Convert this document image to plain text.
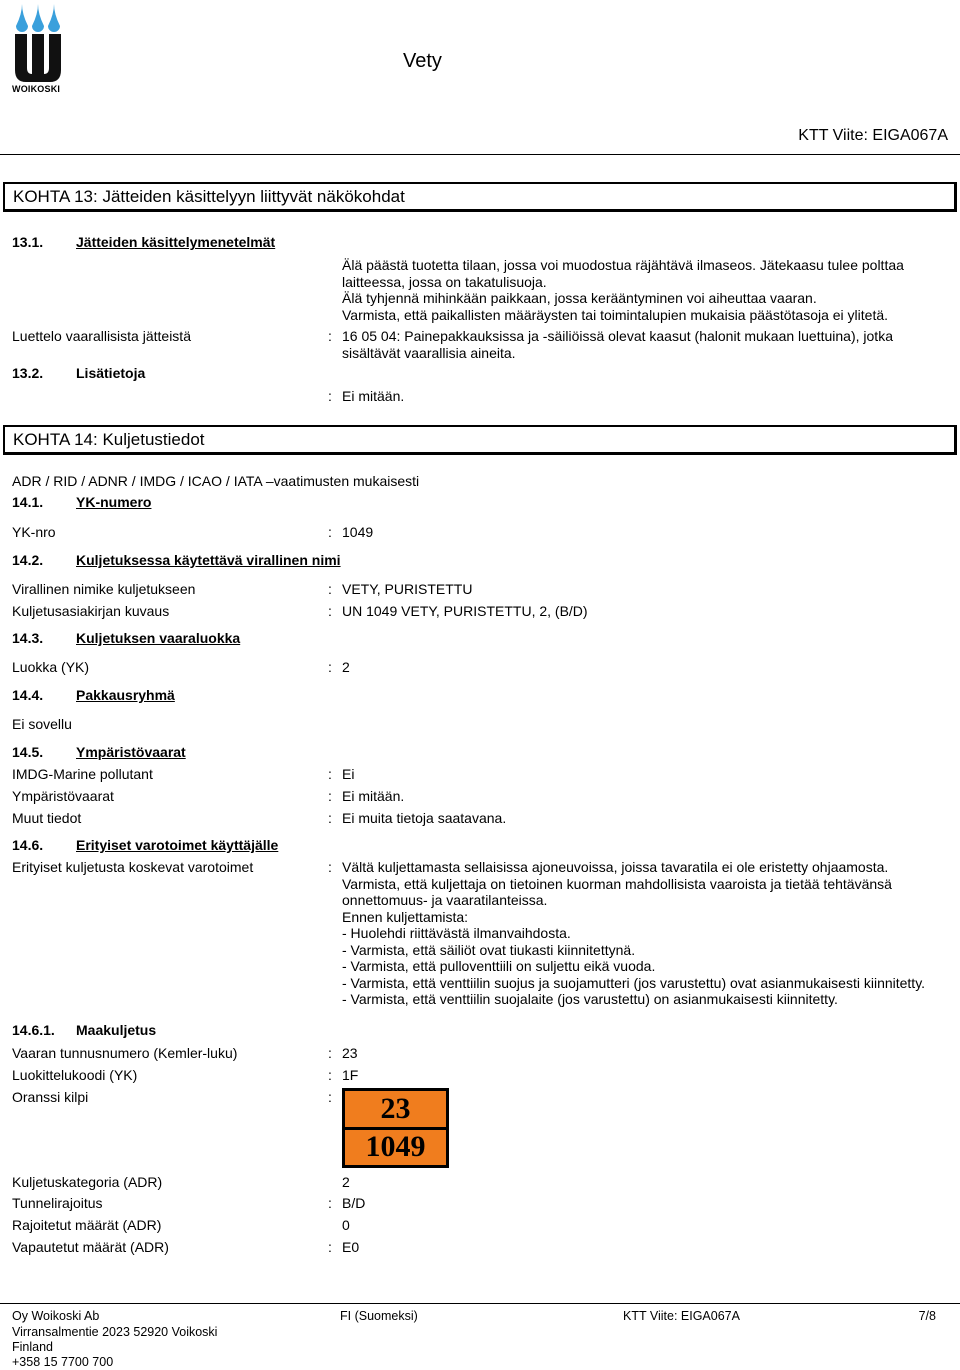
WOIKOSKI
Vety
KTT Viite: EIGA067A
KOHTA 13: Jätteiden käsittelyyn liittyvät näkökohdat
13.1. Jätteiden käsittelymenetelmät
Älä päästä tuotetta tilaan, jossa voi muodostua räjähtävä ilmaseos. Jätekaasu tulee polttaa
laitteessa, jossa on takatulisuoja.
Älä tyhjennä mihinkään paikkaan, jossa kerääntyminen voi aiheuttaa vaaran.
Varmista, että paikallisten määräysten tai toimintalupien mukaisia päästötasoja ei ylitetä.
Luettelo vaarallisista jätteistä	: 16 05 04: Painepakkauksissa ja -säiliöissä olevat kaasut (halonit mukaan luettuina), jotka
sisältävät vaarallisia aineita.
13.2. Lisätietoja
: Ei mitään.
KOHTA 14: Kuljetustiedot
ADR / RID / ADNR / IMDG / ICAO / IATA –vaatimusten mukaisesti
14.1. YK-numero
YK-nro	: 1049
14.2. Kuljetuksessa käytettävä virallinen nimi
Virallinen nimike kuljetukseen	: VETY, PURISTETTU
Kuljetusasiakirjan kuvaus	: UN 1049 VETY, PURISTETTU, 2, (B/D)
14.3. Kuljetuksen vaaraluokka
Luokka (YK)	: 2
14.4. Pakkausryhmä
Ei sovellu
14.5. Ympäristövaarat
IMDG-Marine pollutant	: Ei
Ympäristövaarat	: Ei mitään.
Muut tiedot	: Ei muita tietoja saatavana.
14.6. Erityiset varotoimet käyttäjälle
Erityiset kuljetusta koskevat varotoimet	: Vältä kuljettamasta sellaisissa ajoneuvoissa, joissa tavaratila ei ole eristetty ohjaamosta.
Varmista, että kuljettaja on tietoinen kuorman mahdollisista vaaroista ja tietää tehtävänsä
onnettomuus- ja vaaratilanteissa.
Ennen kuljettamista:
- Huolehdi riittävästä ilmanvaihdosta.
- Varmista, että säiliöt ovat tiukasti kiinnitettynä.
- Varmista, että pulloventtiili on suljettu eikä vuoda.
- Varmista, että venttiilin suojus ja suojamutteri (jos varustettu) ovat asianmukaisesti kiinnitetty.
- Varmista, että venttiilin suojalaite (jos varustettu) on asianmukaisesti kiinnitetty.
14.6.1. Maakuljetus
Vaaran tunnusnumero (Kemler-luku)	: 23
Luokittelukoodi (YK)	: 1F
Oranssi kilpi	:	23
1049
Kuljetuskategoria (ADR)	2
Tunnelirajoitus	: B/D
Rajoitetut määrät (ADR)	0
Vapautetut määrät (ADR)	: E0
Oy Woikoski Ab
Virransalmentie 2023 52920 Voikoski
Finland
+358 15 7700 700
FI (Suomeksi)	KTT Viite: EIGA067A	7/8
